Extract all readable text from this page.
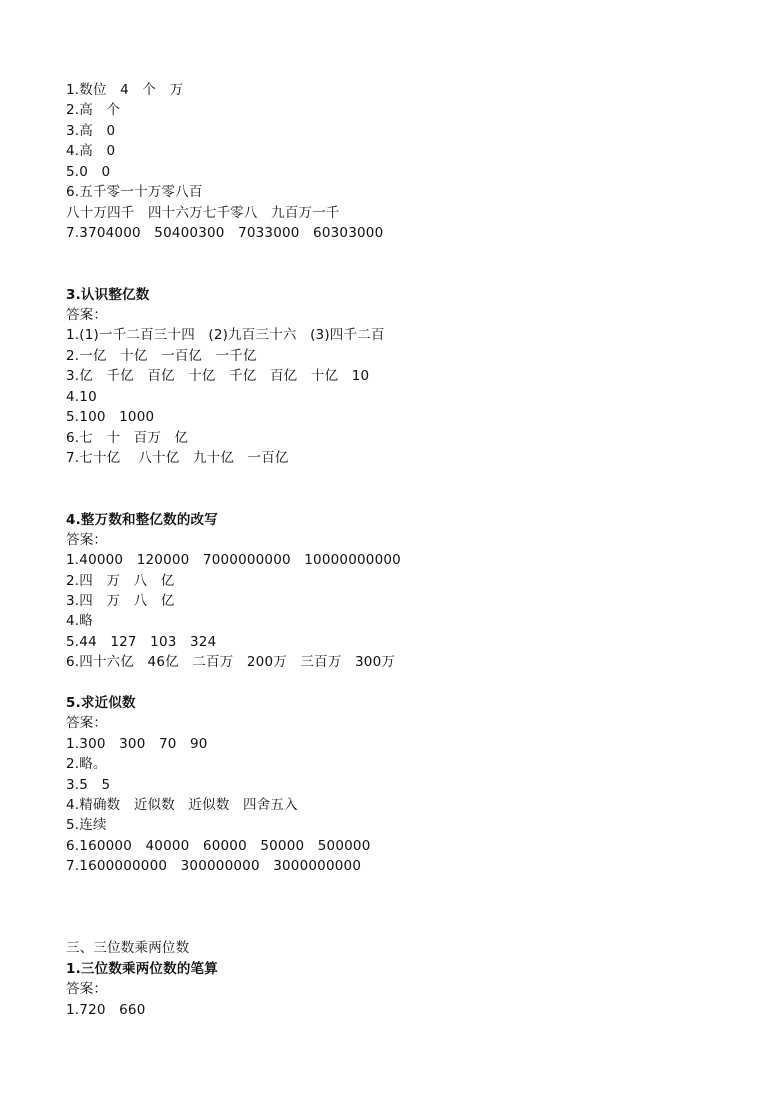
1.数位   4   个   万
2.高   个
3.高   0
4.高   0
5.0   0
6.五千零一十万零八百
八十万四千   四十六万七千零八   九百万一千
7.3704000   50400300   7033000   60303000
3.认识整亿数
答案：
1.(1)一千二百三十四   (2)九百三十六   (3)四千二百
2.一亿   十亿   一百亿   一千亿
3.亿   千亿   百亿   十亿   千亿   百亿   十亿   10
4.10
5.100   1000
6.七   十   百万   亿
7.七十亿    八十亿   九十亿   一百亿
4.整万数和整亿数的改写
答案：
1.40000   120000   7000000000   10000000000
2.四   万   八   亿
3.四   万   八   亿
4.略
5.44   127   103   324
6.四十六亿   46亿   二百万   200万   三百万   300万
5.求近似数
答案：
1.300   300   70   90
2.略。
3.5   5
4.精确数   近似数   近似数   四舍五入
5.连续
6.160000   40000   60000   50000   500000
7.1600000000   300000000   3000000000
三、三位数乘两位数
1.三位数乘两位数的笔算
答案：
1.720   660
